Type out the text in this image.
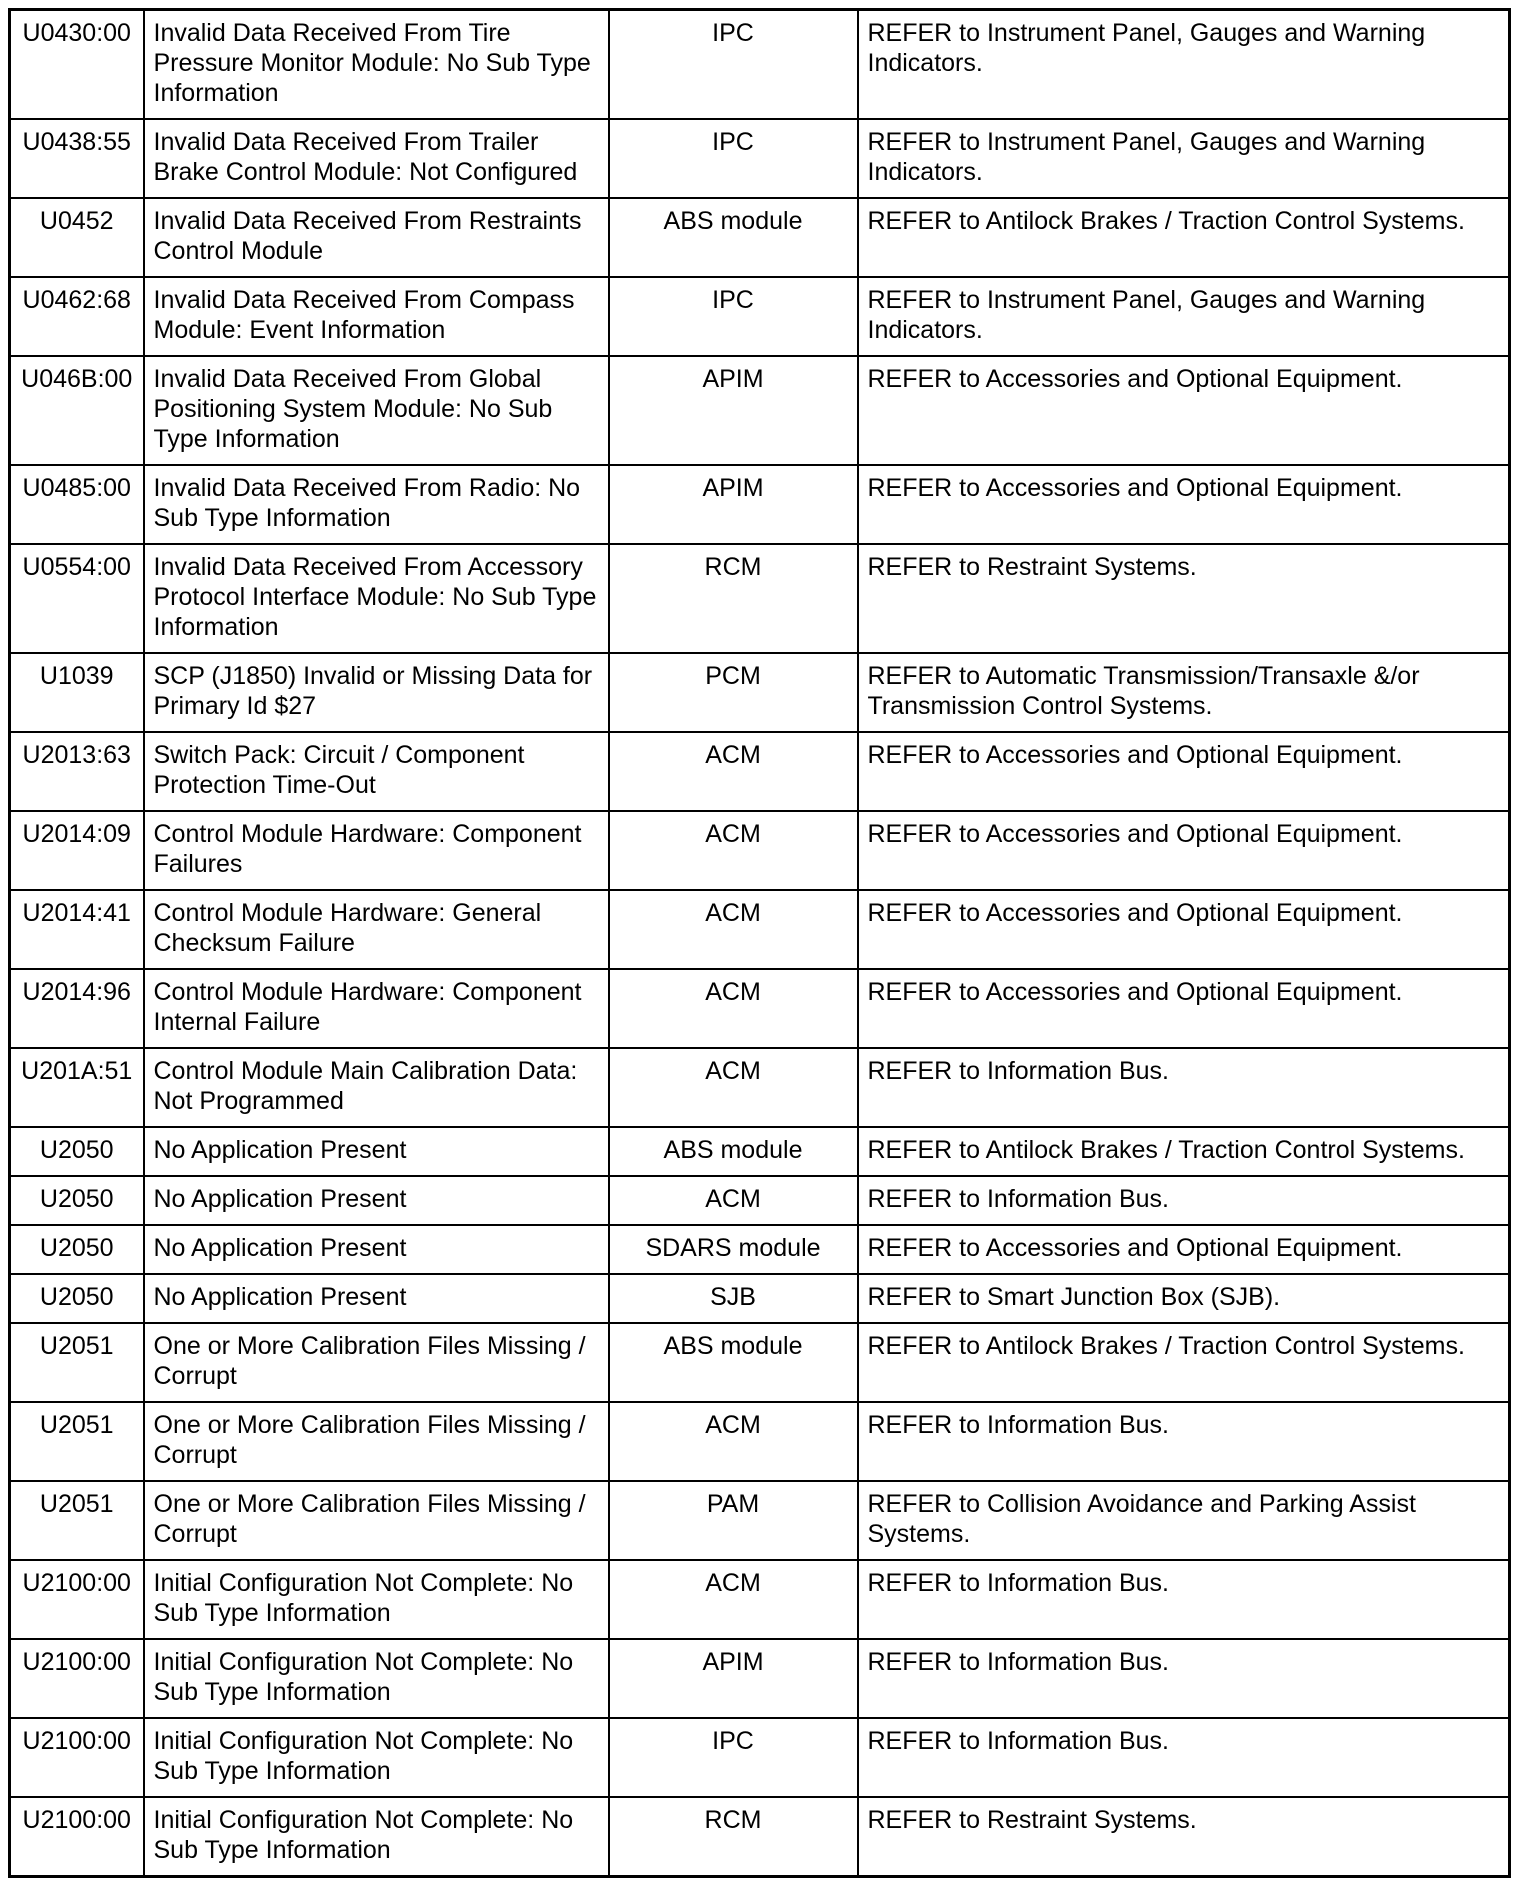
U0430:00	Invalid Data Received From Tire Pressure Monitor Module: No Sub Type Information	IPC	REFER to Instrument Panel, Gauges and Warning Indicators.
U0438:55	Invalid Data Received From Trailer Brake Control Module: Not Configured	IPC	REFER to Instrument Panel, Gauges and Warning Indicators.
U0452	Invalid Data Received From Restraints Control Module	ABS module	REFER to Antilock Brakes / Traction Control Systems.
U0462:68	Invalid Data Received From Compass Module: Event Information	IPC	REFER to Instrument Panel, Gauges and Warning Indicators.
U046B:00	Invalid Data Received From Global Positioning System Module: No Sub Type Information	APIM	REFER to Accessories and Optional Equipment.
U0485:00	Invalid Data Received From Radio: No Sub Type Information	APIM	REFER to Accessories and Optional Equipment.
U0554:00	Invalid Data Received From Accessory Protocol Interface Module: No Sub Type Information	RCM	REFER to Restraint Systems.
U1039	SCP (J1850) Invalid or Missing Data for Primary Id $27	PCM	REFER to Automatic Transmission/Transaxle &/or Transmission Control Systems.
U2013:63	Switch Pack: Circuit / Component Protection Time-Out	ACM	REFER to Accessories and Optional Equipment.
U2014:09	Control Module Hardware: Component Failures	ACM	REFER to Accessories and Optional Equipment.
U2014:41	Control Module Hardware: General Checksum Failure	ACM	REFER to Accessories and Optional Equipment.
U2014:96	Control Module Hardware: Component Internal Failure	ACM	REFER to Accessories and Optional Equipment.
U201A:51	Control Module Main Calibration Data: Not Programmed	ACM	REFER to Information Bus.
U2050	No Application Present	ABS module	REFER to Antilock Brakes / Traction Control Systems.
U2050	No Application Present	ACM	REFER to Information Bus.
U2050	No Application Present	SDARS module	REFER to Accessories and Optional Equipment.
U2050	No Application Present	SJB	REFER to Smart Junction Box (SJB).
U2051	One or More Calibration Files Missing / Corrupt	ABS module	REFER to Antilock Brakes / Traction Control Systems.
U2051	One or More Calibration Files Missing / Corrupt	ACM	REFER to Information Bus.
U2051	One or More Calibration Files Missing / Corrupt	PAM	REFER to Collision Avoidance and Parking Assist Systems.
U2100:00	Initial Configuration Not Complete: No Sub Type Information	ACM	REFER to Information Bus.
U2100:00	Initial Configuration Not Complete: No Sub Type Information	APIM	REFER to Information Bus.
U2100:00	Initial Configuration Not Complete: No Sub Type Information	IPC	REFER to Information Bus.
U2100:00	Initial Configuration Not Complete: No Sub Type Information	RCM	REFER to Restraint Systems.
